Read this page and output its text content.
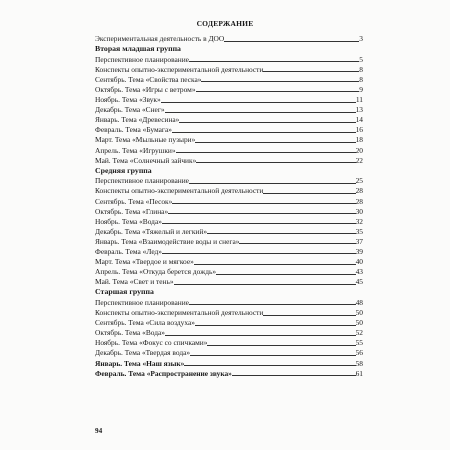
СОДЕРЖАНИЕ
Экспериментальная деятельность в ДОО	3
Вторая младшая группа
Перспективное планирование	5
Конспекты опытно-экспериментальной деятельности	8
Сентябрь. Тема «Свойства песка»	8
Октябрь. Тема «Игры с ветром»	9
Ноябрь. Тема «Звук»	11
Декабрь. Тема «Снег»	13
Январь. Тема «Древесина»	14
Февраль. Тема «Бумага»	16
Март. Тема «Мыльные пузыри»	18
Апрель. Тема «Игрушки»	20
Май. Тема «Солнечный зайчик»	22
Средняя группа
Перспективное планирование	25
Конспекты опытно-экспериментальной деятельности	28
Сентябрь. Тема «Песок»	28
Октябрь. Тема «Глина»	30
Ноябрь. Тема «Вода»	32
Декабрь. Тема «Тяжелый и легкий»	35
Январь. Тема «Взаимодействие воды и снега»	37
Февраль. Тема «Лед»	39
Март. Тема «Твердое и мягкое»	40
Апрель. Тема «Откуда берется дождь»	43
Май. Тема «Свет и тень»	45
Старшая группа
Перспективное планирование	48
Конспекты опытно-экспериментальной деятельности	50
Сентябрь. Тема «Сила воздуха»	50
Октябрь. Тема «Вода»	52
Ноябрь. Тема «Фокус со спичками»	55
Декабрь. Тема «Твердая вода»	56
Январь. Тема «Наш язык»	58
Февраль. Тема «Распространение звука»	61
94
